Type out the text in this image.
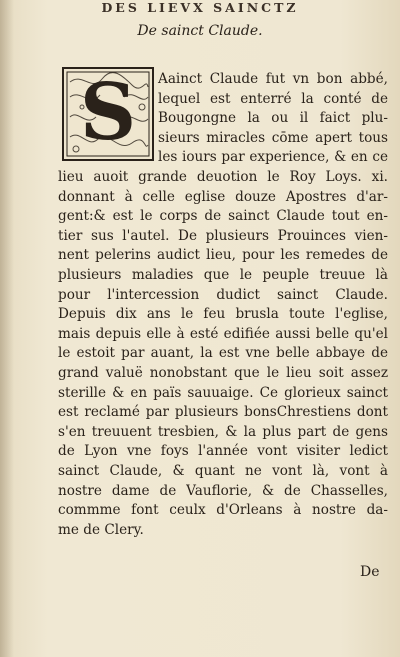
DES LIEVX SAINCTZ
De sainct Claude.
S Aainct Claude fut vn bon abbé,
lequel est enterré la conté de
Bougongne la ou il faict plu-
sieurs miracles cōme apert tous
les iours par experience, & en ce
lieu auoit grande deuotion le Roy Loys. xi.
donnant à celle eglise douze Apostres d'ar-
gent:& est le corps de sainct Claude tout en-
tier sus l'autel. De plusieurs Prouinces vien-
nent pelerins audict lieu, pour les remedes de
plusieurs maladies que le peuple treuue là
pour l'intercession dudict sainct Claude.
Depuis dix ans le feu brusla toute l'eglise,
mais depuis elle à esté edifiée aussi belle qu'el
le estoit par auant, la est vne belle abbaye de
grand valuë nonobstant que le lieu soit assez
sterille & en païs sauuaige. Ce glorieux sainct
est reclamé par plusieurs bonsChrestiens dont
s'en treuuent tresbien, & la plus part de gens
de Lyon vne foys l'année vont visiter ledict
sainct Claude, & quant ne vont là, vont à
nostre dame de Vauflorie, & de Chasselles,
commme font ceulx d'Orleans à nostre da-
me de Clery.
De
